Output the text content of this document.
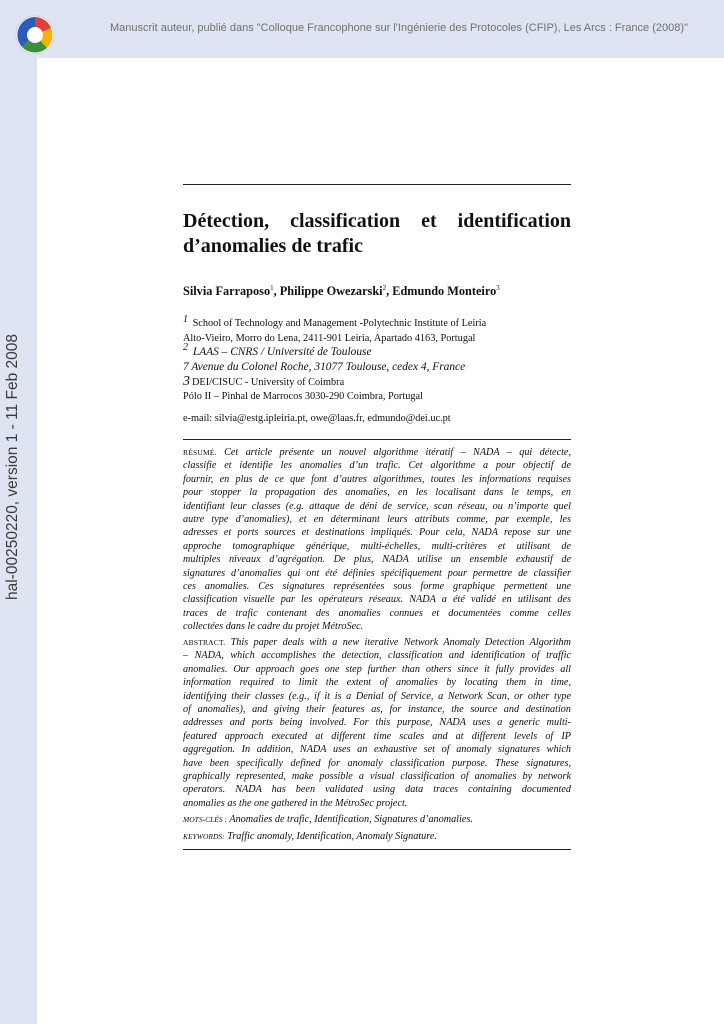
Manuscrit auteur, publié dans "Colloque Francophone sur l'Ingénierie des Protocoles (CFIP), Les Arcs : France (2008)"
hal-00250220, version 1 - 11 Feb 2008
Détection, classification et identification
d’anomalies de trafic
Silvia Farraposo$^1$, Philippe Owezarski$^2$, Edmundo Monteiro$^3$
1 School of Technology and Management -Polytechnic Institute of Leiria
Alto-Vieiro, Morro do Lena, 2411-901 Leiria, Apartado 4163, Portugal
2 LAAS – CNRS / Université de Toulouse
7 Avenue du Colonel Roche, 31077 Toulouse, cedex 4, France
3 DEI/CISUC - University of Coimbra
Pólo II – Pinhal de Marrocos 3030-290 Coimbra, Portugal
e-mail: silvia@estg.ipleiria.pt, owe@laas.fr, edmundo@dei.uc.pt
RÉSUMÉ. Cet article présente un nouvel algorithme itératif – NADA – qui détecte,
classifie et identifie les anomalies d’un trafic. Cet algorithme a pour objectif de
fournir, en plus de ce que font d’autres algorithmes, toutes les informations requises
pour stopper la propagation des anomalies, en les localisant dans le temps, en
identifiant leur classes (e.g. attaque de déni de service, scan réseau, ou n’importe quel
autre type d’anomalies), et en déterminant leurs attributs comme, par exemple, les
adresses et ports sources et destinations impliqués. Pour cela, NADA repose sur une
approche tomographique générique, multi-échelles, multi-critères et utilisant de
multiples niveaux d’agrégation. De plus, NADA utilise un ensemble exhaustif de
signatures d’anomalies qui ont été définies spécifiquement pour permettre de classifier
ces anomalies. Ces signatures représentées sous forme graphique permettent une
classification visuelle par les opérateurs réseaux. NADA a été validé en utilisant des
traces de trafic contenant des anomalies connues et documentées comme celles
collectées dans le cadre du projet MétroSec.
ABSTRACT. This paper deals with a new iterative Network Anomaly Detection Algorithm
– NADA, which accomplishes the detection, classification and identification of traffic
anomalies. Our approach goes one step further than others since it fully provides all
information required to limit the extent of anomalies by locating them in time,
identifying their classes (e.g., if it is a Denial of Service, a Network Scan, or other type
of anomalies), and giving their features as, for instance, the source and destination
addresses and ports being involved. For this purpose, NADA uses a generic multi-
featured approach executed at different time scales and at different levels of IP
aggregation. In addition, NADA uses an exhaustive set of anomaly signatures which
have been specifically defined for anomaly classification purpose. These signatures,
graphically represented, make possible a visual classification of anomalies by network
operators. NADA has been validated using data traces containing documented
anomalies as the one gathered in the MétroSec project.
MOTS-CLÉS : Anomalies de trafic, Identification, Signatures d’anomalies.
KEYWORDS: Traffic anomaly, Identification, Anomaly Signature.
